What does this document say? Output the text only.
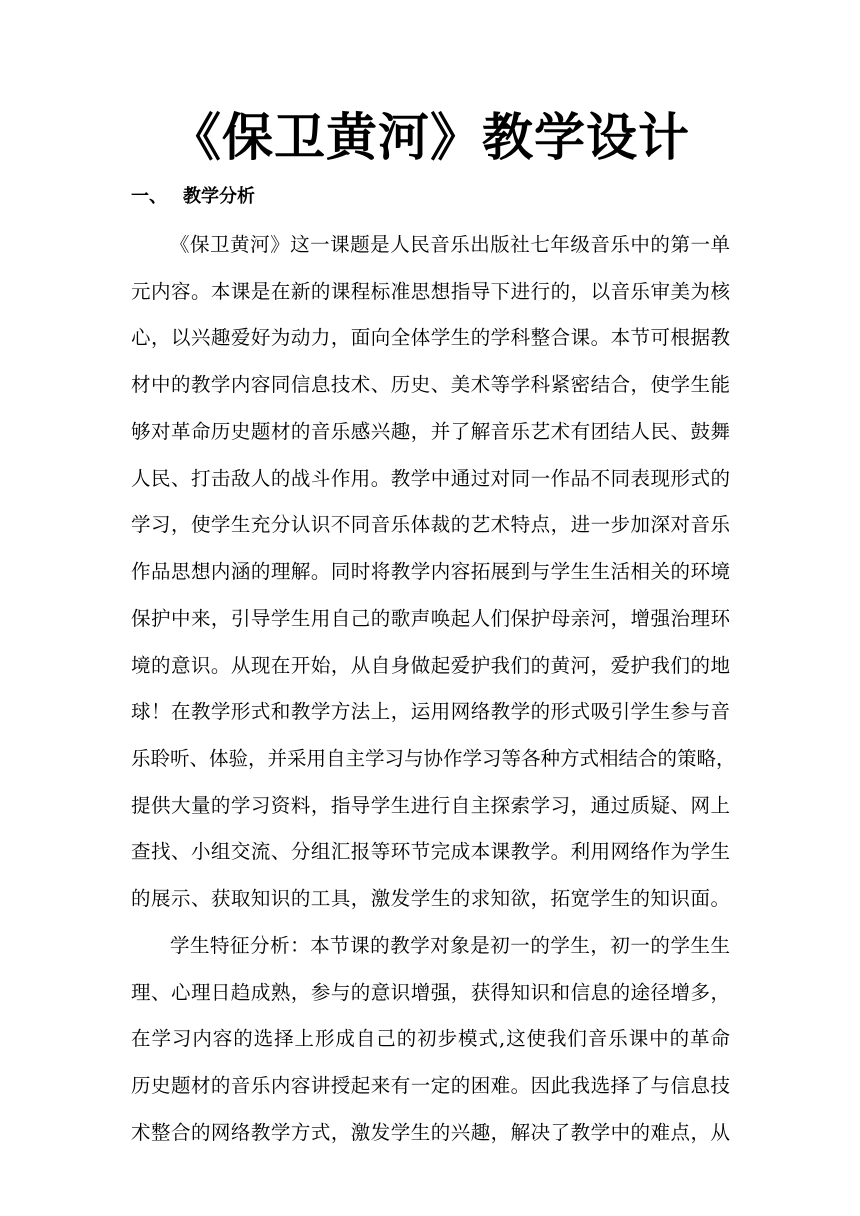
《保卫黄河》教学设计
一、 教学分析
《保卫黄河》这一课题是人民音乐出版社七年级音乐中的第一单
元内容。本课是在新的课程标准思想指导下进行的，以音乐审美为核
心，以兴趣爱好为动力，面向全体学生的学科整合课。本节可根据教
材中的教学内容同信息技术、历史、美术等学科紧密结合，使学生能
够对革命历史题材的音乐感兴趣，并了解音乐艺术有团结人民、鼓舞
人民、打击敌人的战斗作用。教学中通过对同一作品不同表现形式的
学习，使学生充分认识不同音乐体裁的艺术特点，进一步加深对音乐
作品思想内涵的理解。同时将教学内容拓展到与学生生活相关的环境
保护中来，引导学生用自己的歌声唤起人们保护母亲河，增强治理环
境的意识。从现在开始，从自身做起爱护我们的黄河，爱护我们的地
球！在教学形式和教学方法上，运用网络教学的形式吸引学生参与音
乐聆听、体验，并采用自主学习与协作学习等各种方式相结合的策略，
提供大量的学习资料，指导学生进行自主探索学习，通过质疑、网上
查找、小组交流、分组汇报等环节完成本课教学。利用网络作为学生
的展示、获取知识的工具，激发学生的求知欲，拓宽学生的知识面。
学生特征分析：本节课的教学对象是初一的学生，初一的学生生
理、心理日趋成熟，参与的意识增强，获得知识和信息的途径增多，
在学习内容的选择上形成自己的初步模式,这使我们音乐课中的革命
历史题材的音乐内容讲授起来有一定的困难。因此我选择了与信息技
术整合的网络教学方式，激发学生的兴趣，解决了教学中的难点，从
